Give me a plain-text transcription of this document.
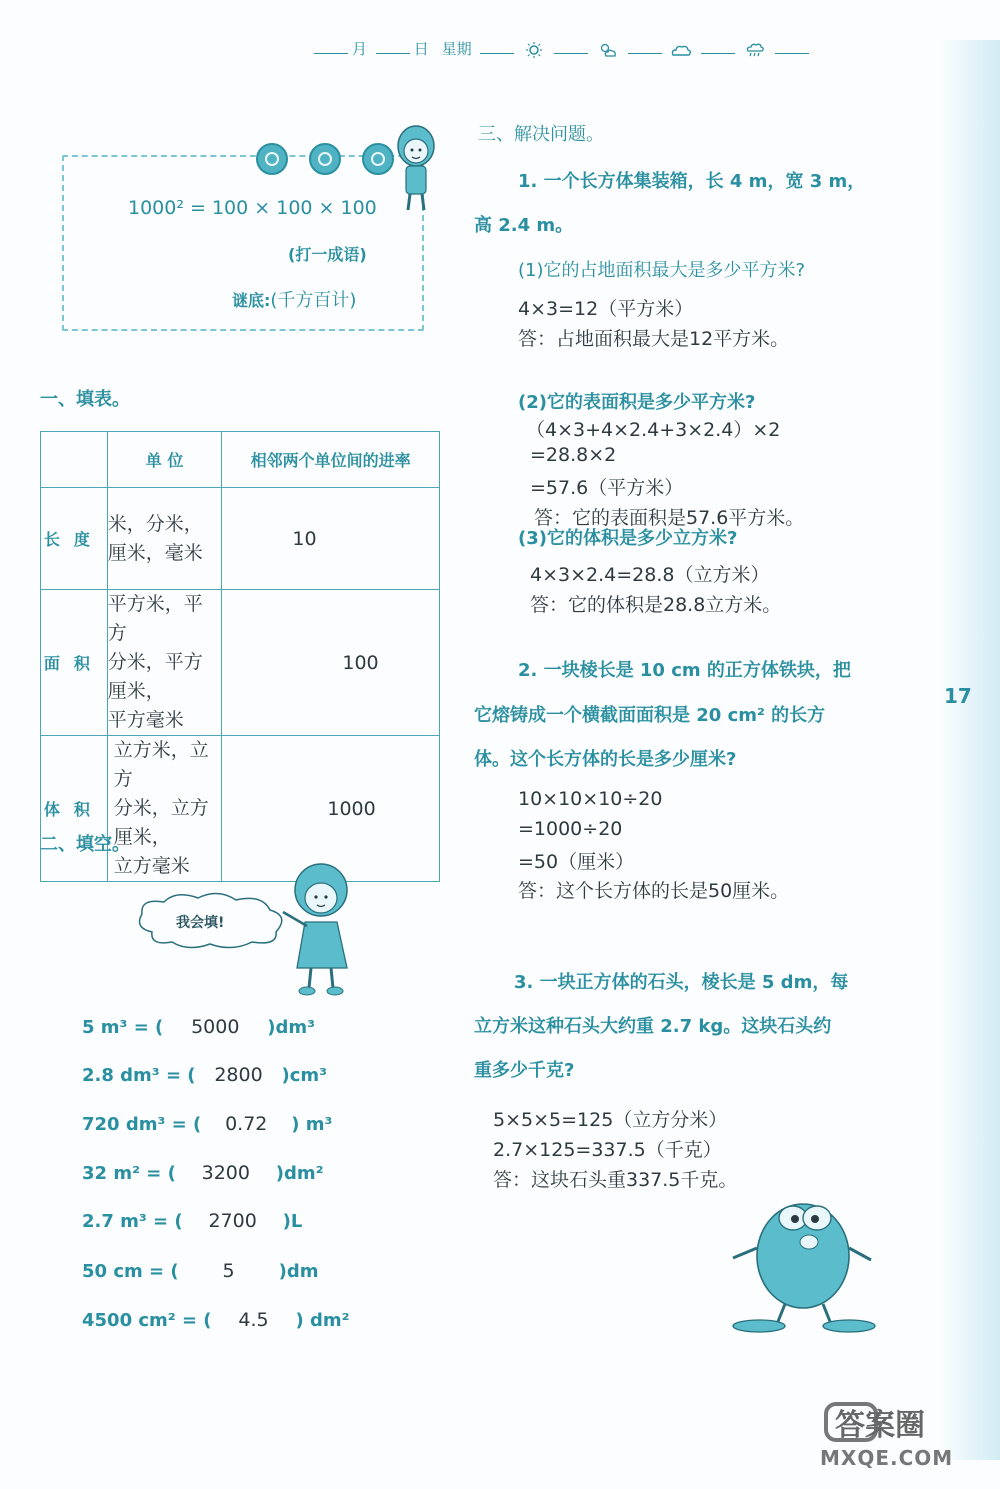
月	日 星期
17
1000² = 100 × 100 × 100
(打一成语)
谜底:(千方百计)
一、填表。
	单 位	相邻两个单位间的进率
长度	米，分米，
厘米，毫米	10
面积	平方米，平方
分米，平方厘米，
平方毫米	100
体积	立方米，立方
分米，立方厘米，
立方毫米	1000
二、填空。
我会填!
5 m³ = ( 5000 )dm³
2.8 dm³ = ( 2800 )cm³
720 dm³ = ( 0.72 ) m³
32 m² = ( 3200 )dm²
2.7 m³ = ( 2700 )L
50 cm = ( 5 )dm
4500 cm² = ( 4.5 ) dm²
三、解决问题。
1. 一个长方体集装箱，长 4 m，宽 3 m，
高 2.4 m。
(1)它的占地面积最大是多少平方米?
4×3=12（平方米）
答：占地面积最大是12平方米。
(2)它的表面积是多少平方米?
（4×3+4×2.4+3×2.4）×2
=28.8×2
=57.6（平方米）
答：它的表面积是57.6平方米。
(3)它的体积是多少立方米?
4×3×2.4=28.8（立方米）
答：它的体积是28.8立方米。
2. 一块棱长是 10 cm 的正方体铁块，把
它熔铸成一个横截面面积是 20 cm² 的长方
体。这个长方体的长是多少厘米?
10×10×10÷20
=1000÷20
=50（厘米）
答：这个长方体的长是50厘米。
3. 一块正方体的石头，棱长是 5 dm，每
立方米这种石头大约重 2.7 kg。这块石头约
重多少千克?
5×5×5=125（立方分米）
2.7×125=337.5（千克）
答：这块石头重337.5千克。
答案圈
MXQE.COM
